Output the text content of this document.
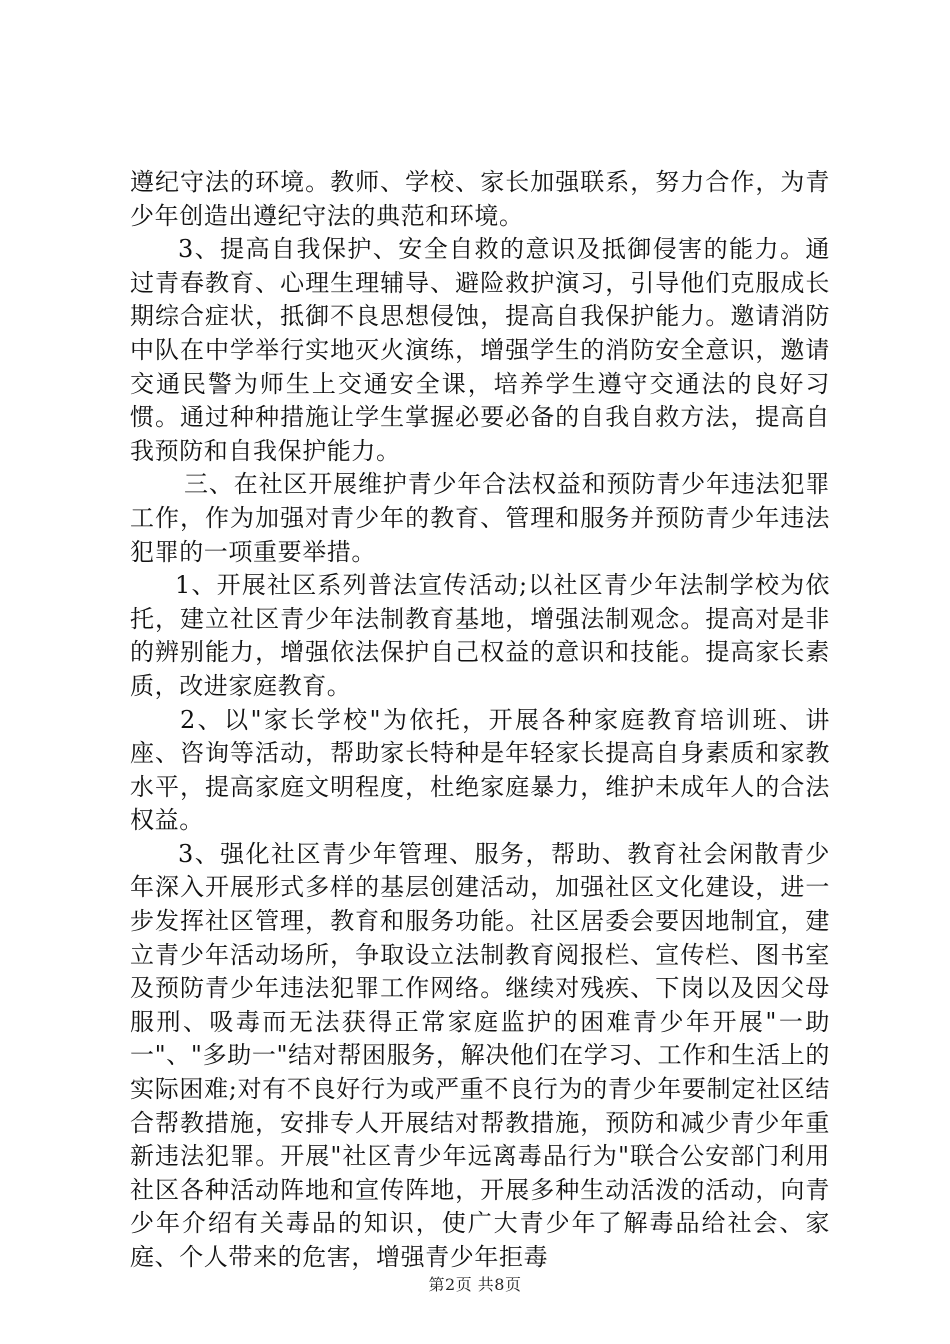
遵纪守法的环境。教师、学校、家长加强联系，努力合作，为青少年创造出遵纪守法的典范和环境。

3、提高自我保护、安全自救的意识及抵御侵害的能力。通过青春教育、心理生理辅导、避险救护演习，引导他们克服成长期综合症状，抵御不良思想侵蚀，提高自我保护能力。邀请消防中队在中学举行实地灭火演练，增强学生的消防安全意识，邀请交通民警为师生上交通安全课，培养学生遵守交通法的良好习惯。通过种种措施让学生掌握必要必备的自我自救方法，提高自我预防和自我保护能力。

三、在社区开展维护青少年合法权益和预防青少年违法犯罪工作，作为加强对青少年的教育、管理和服务并预防青少年违法犯罪的一项重要举措。

1、开展社区系列普法宣传活动;以社区青少年法制学校为依托，建立社区青少年法制教育基地，增强法制观念。提高对是非的辨别能力，增强依法保护自己权益的意识和技能。提高家长素质，改进家庭教育。

2、以"家长学校"为依托，开展各种家庭教育培训班、讲座、咨询等活动，帮助家长特种是年轻家长提高自身素质和家教水平，提高家庭文明程度，杜绝家庭暴力，维护未成年人的合法权益。

3、强化社区青少年管理、服务，帮助、教育社会闲散青少年深入开展形式多样的基层创建活动，加强社区文化建设，进一步发挥社区管理，教育和服务功能。社区居委会要因地制宜，建立青少年活动场所，争取设立法制教育阅报栏、宣传栏、图书室及预防青少年违法犯罪工作网络。继续对残疾、下岗以及因父母服刑、吸毒而无法获得正常家庭监护的困难青少年开展"一助一"、"多助一"结对帮困服务，解决他们在学习、工作和生活上的实际困难;对有不良好行为或严重不良行为的青少年要制定社区结合帮教措施，安排专人开展结对帮教措施，预防和减少青少年重新违法犯罪。开展"社区青少年远离毒品行为"联合公安部门利用社区各种活动阵地和宣传阵地，开展多种生动活泼的活动，向青少年介绍有关毒品的知识，使广大青少年了解毒品给社会、家庭、个人带来的危害，增强青少年拒毒

第2页 共8页
